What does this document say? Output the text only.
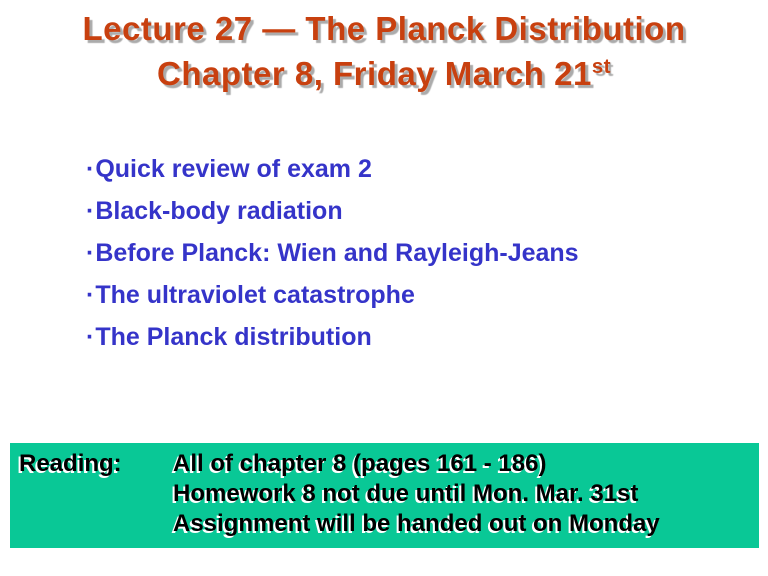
Lecture 27 — The Planck Distribution
Chapter 8, Friday March 21st
·Quick review of exam 2
·Black-body radiation
·Before Planck: Wien and Rayleigh-Jeans
·The ultraviolet catastrophe
·The Planck distribution
Reading: All of chapter 8 (pages 161 - 186)
Homework 8 not due until Mon. Mar. 31st
Assignment will be handed out on Monday
